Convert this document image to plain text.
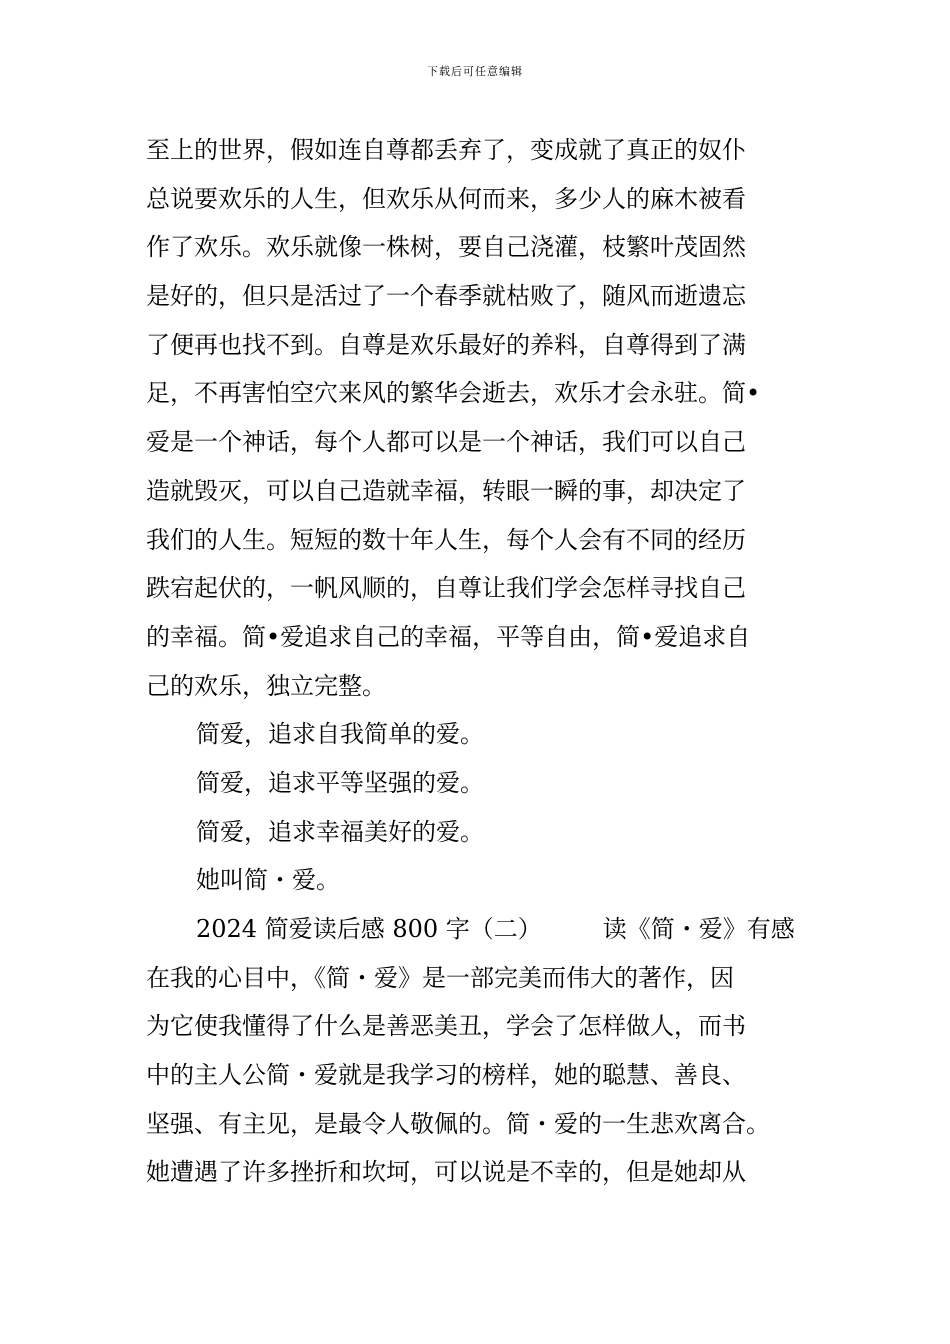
下载后可任意编辑
至上的世界，假如连自尊都丢弃了，变成就了真正的奴仆
总说要欢乐的人生，但欢乐从何而来，多少人的麻木被看
作了欢乐。欢乐就像一株树，要自己浇灌，枝繁叶茂固然
是好的，但只是活过了一个春季就枯败了，随风而逝遗忘
了便再也找不到。自尊是欢乐最好的养料，自尊得到了满
足，不再害怕空穴来风的繁华会逝去，欢乐才会永驻。简•
爱是一个神话，每个人都可以是一个神话，我们可以自己
造就毁灭，可以自己造就幸福，转眼一瞬的事，却决定了
我们的人生。短短的数十年人生，每个人会有不同的经历
跌宕起伏的，一帆风顺的，自尊让我们学会怎样寻找自己
的幸福。简•爱追求自己的幸福，平等自由，简•爱追求自
己的欢乐，独立完整。
简爱，追求自我简单的爱。
简爱，追求平等坚强的爱。
简爱，追求幸福美好的爱。
她叫简・爱。
2024 简爱读后感 800 字（二）        读《简・爱》有感
在我的心目中，《简・爱》是一部完美而伟大的著作，因
为它使我懂得了什么是善恶美丑，学会了怎样做人，而书
中的主人公简・爱就是我学习的榜样，她的聪慧、善良、
坚强、有主见，是最令人敬佩的。简・爱的一生悲欢离合。
她遭遇了许多挫折和坎坷，可以说是不幸的，但是她却从
